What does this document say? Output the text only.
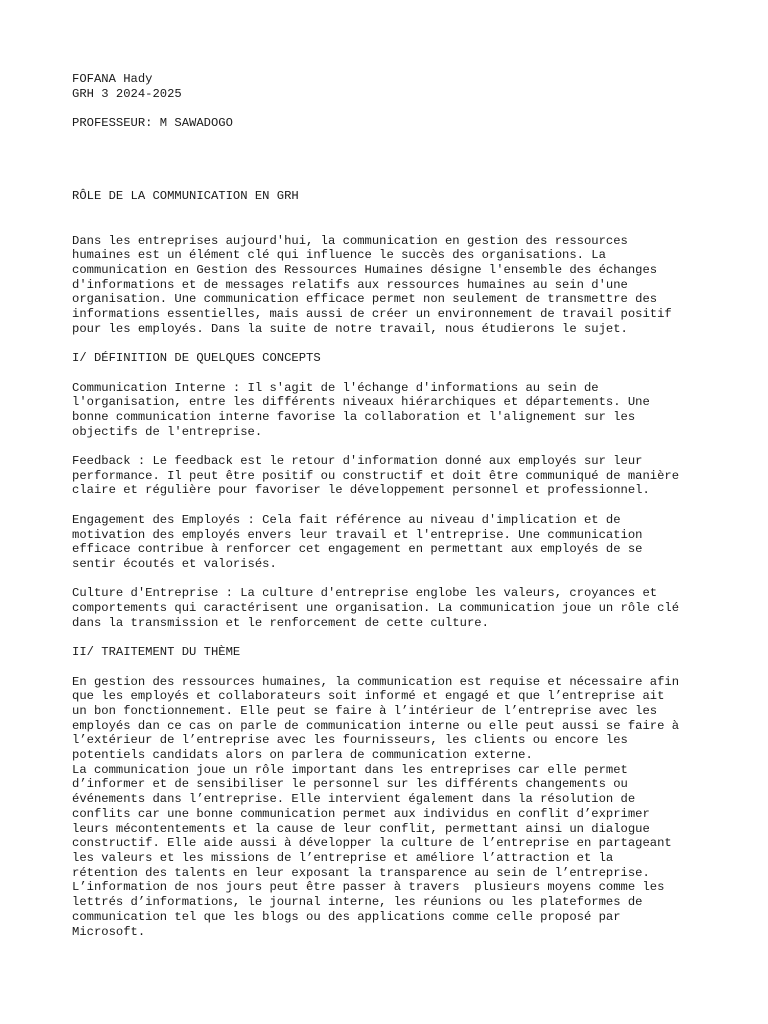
FOFANA Hady
GRH 3 2024-2025
PROFESSEUR: M SAWADOGO
RÔLE DE LA COMMUNICATION EN GRH
Dans les entreprises aujourd'hui, la communication en gestion des ressources
humaines est un élément clé qui influence le succès des organisations. La
communication en Gestion des Ressources Humaines désigne l'ensemble des échanges
d'informations et de messages relatifs aux ressources humaines au sein d'une
organisation. Une communication efficace permet non seulement de transmettre des
informations essentielles, mais aussi de créer un environnement de travail positif
pour les employés. Dans la suite de notre travail, nous étudierons le sujet.
I/ DÉFINITION DE QUELQUES CONCEPTS
Communication Interne : Il s'agit de l'échange d'informations au sein de
l'organisation, entre les différents niveaux hiérarchiques et départements. Une
bonne communication interne favorise la collaboration et l'alignement sur les
objectifs de l'entreprise.
Feedback : Le feedback est le retour d'information donné aux employés sur leur
performance. Il peut être positif ou constructif et doit être communiqué de manière
claire et régulière pour favoriser le développement personnel et professionnel.
Engagement des Employés : Cela fait référence au niveau d'implication et de
motivation des employés envers leur travail et l'entreprise. Une communication
efficace contribue à renforcer cet engagement en permettant aux employés de se
sentir écoutés et valorisés.
Culture d'Entreprise : La culture d'entreprise englobe les valeurs, croyances et
comportements qui caractérisent une organisation. La communication joue un rôle clé
dans la transmission et le renforcement de cette culture.
II/ TRAITEMENT DU THÈME
En gestion des ressources humaines, la communication est requise et nécessaire afin
que les employés et collaborateurs soit informé et engagé et que l’entreprise ait
un bon fonctionnement. Elle peut se faire à l’intérieur de l’entreprise avec les
employés dan ce cas on parle de communication interne ou elle peut aussi se faire à
l’extérieur de l’entreprise avec les fournisseurs, les clients ou encore les
potentiels candidats alors on parlera de communication externe.
La communication joue un rôle important dans les entreprises car elle permet
d’informer et de sensibiliser le personnel sur les différents changements ou
événements dans l’entreprise. Elle intervient également dans la résolution de
conflits car une bonne communication permet aux individus en conflit d’exprimer
leurs mécontentements et la cause de leur conflit, permettant ainsi un dialogue
constructif. Elle aide aussi à développer la culture de l’entreprise en partageant
les valeurs et les missions de l’entreprise et améliore l’attraction et la
rétention des talents en leur exposant la transparence au sein de l’entreprise.
L’information de nos jours peut être passer à travers  plusieurs moyens comme les
lettrés d’informations, le journal interne, les réunions ou les plateformes de
communication tel que les blogs ou des applications comme celle proposé par
Microsoft.
